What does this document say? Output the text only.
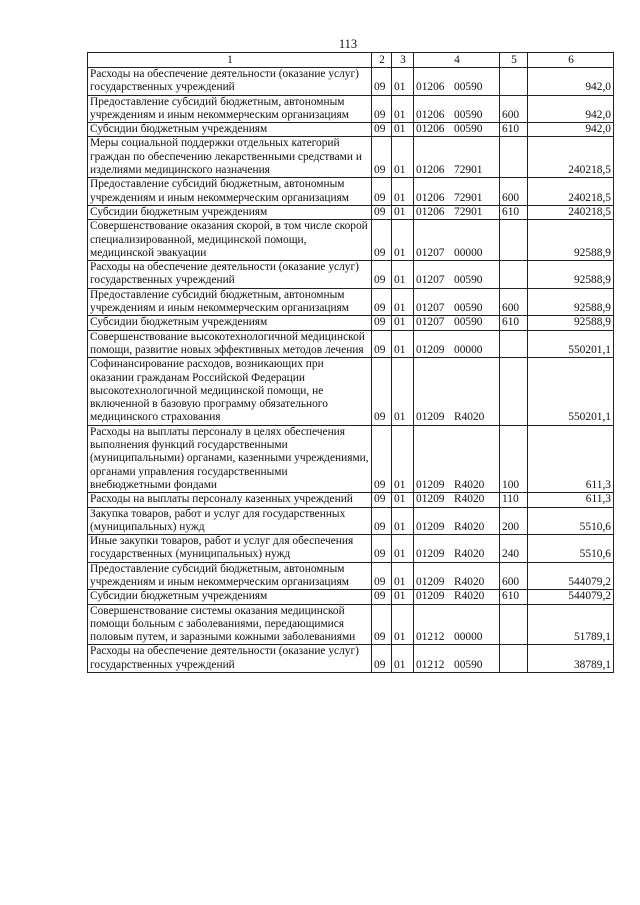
113
1	2	3	4	5	6
Расходы на обеспечение деятельности (оказание услуг) государственных учреждений	09	01	01206 00590		942,0
Предоставление субсидий бюджетным, автономным учреждениям и иным некоммерческим организациям	09	01	01206 00590	600	942,0
Субсидии бюджетным учреждениям	09	01	01206 00590	610	942,0
Меры социальной поддержки отдельных категорий граждан по обеспечению лекарственными средствами и изделиями медицинского назначения	09	01	01206 72901		240218,5
Предоставление субсидий бюджетным, автономным учреждениям и иным некоммерческим организациям	09	01	01206 72901	600	240218,5
Субсидии бюджетным учреждениям	09	01	01206 72901	610	240218,5
Совершенствование оказания скорой, в том числе скорой специализированной, медицинской помощи, медицинской эвакуации	09	01	01207 00000		92588,9
Расходы на обеспечение деятельности (оказание услуг) государственных учреждений	09	01	01207 00590		92588,9
Предоставление субсидий бюджетным, автономным учреждениям и иным некоммерческим организациям	09	01	01207 00590	600	92588,9
Субсидии бюджетным учреждениям	09	01	01207 00590	610	92588,9
Совершенствование высокотехнологичной медицинской помощи, развитие новых эффективных методов лечения	09	01	01209 00000		550201,1
Софинансирование расходов, возникающих при оказании гражданам Российской Федерации высокотехнологичной медицинской помощи, не включенной в базовую программу обязательного медицинского страхования	09	01	01209 R4020		550201,1
Расходы на выплаты персоналу в целях обеспечения выполнения функций государственными (муниципальными) органами, казенными учреждениями, органами управления государственными внебюджетными фондами	09	01	01209 R4020	100	611,3
Расходы на выплаты персоналу казенных учреждений	09	01	01209 R4020	110	611,3
Закупка товаров, работ и услуг для государственных (муниципальных) нужд	09	01	01209 R4020	200	5510,6
Иные закупки товаров, работ и услуг для обеспечения государственных (муниципальных) нужд	09	01	01209 R4020	240	5510,6
Предоставление субсидий бюджетным, автономным учреждениям и иным некоммерческим организациям	09	01	01209 R4020	600	544079,2
Субсидии бюджетным учреждениям	09	01	01209 R4020	610	544079,2
Совершенствование системы оказания медицинской помощи больным с заболеваниями, передающимися половым путем, и заразными кожными заболеваниями	09	01	01212 00000		51789,1
Расходы на обеспечение деятельности (оказание услуг) государственных учреждений	09	01	01212 00590		38789,1
